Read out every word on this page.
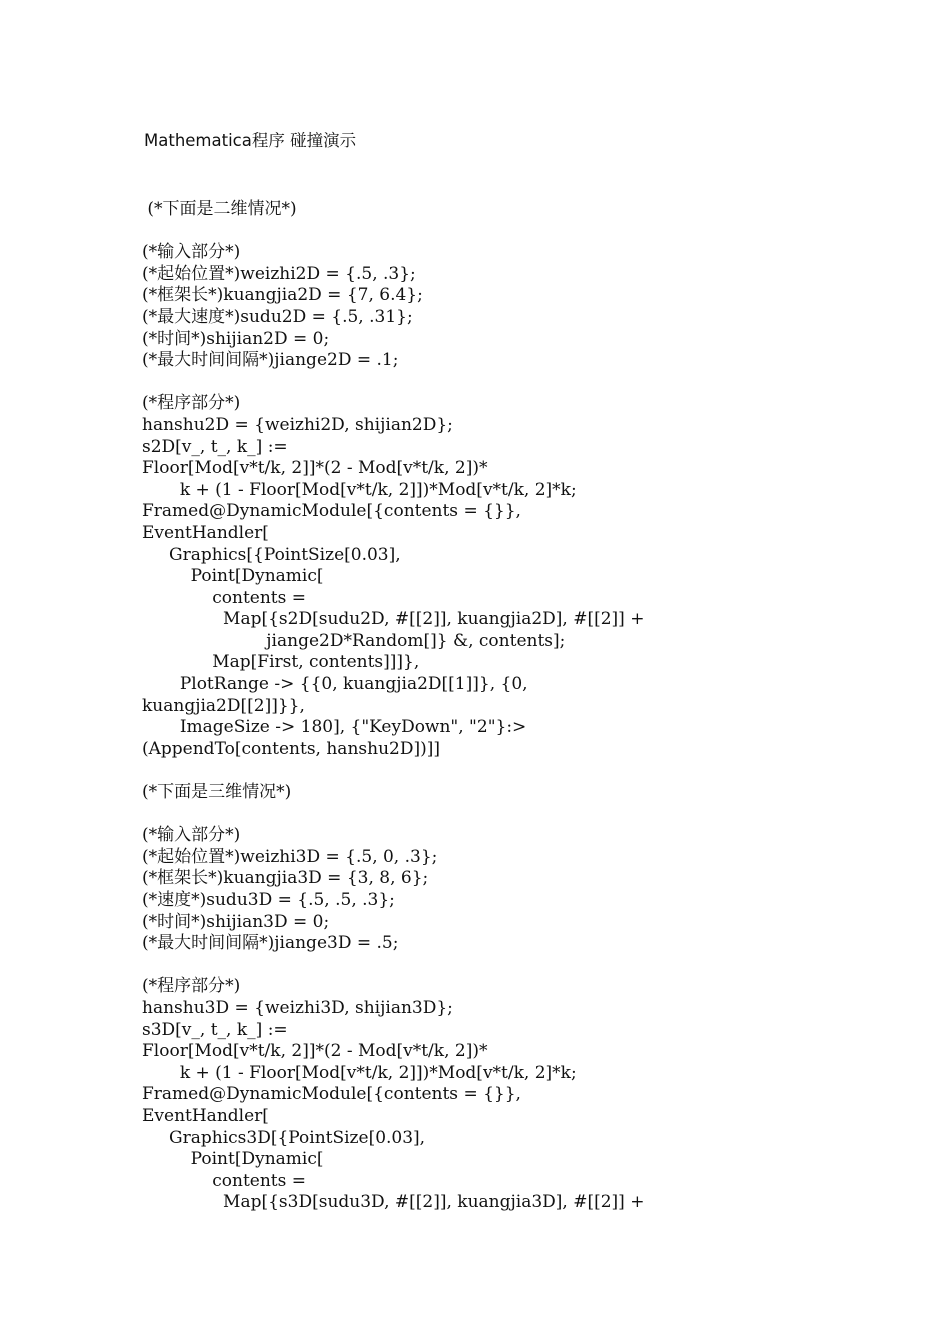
Mathematica程序 碰撞演示
(*下面是二维情况*)
(*输入部分*)
(*起始位置*)weizhi2D = {.5, .3};
(*框架长*)kuangjia2D = {7, 6.4};
(*最大速度*)sudu2D = {.5, .31};
(*时间*)shijian2D = 0;
(*最大时间间隔*)jiange2D = .1;
(*程序部分*)
hanshu2D = {weizhi2D, shijian2D};
s2D[v_, t_, k_] :=
Floor[Mod[v*t/k, 2]]*(2 - Mod[v*t/k, 2])*
k + (1 - Floor[Mod[v*t/k, 2]])*Mod[v*t/k, 2]*k;
Framed@DynamicModule[{contents = {}},
EventHandler[
Graphics[{PointSize[0.03],
Point[Dynamic[
contents =
Map[{s2D[sudu2D, #[[2]], kuangjia2D], #[[2]] +
jiange2D*Random[]} &, contents];
Map[First, contents]]]},
PlotRange -> {{0, kuangjia2D[[1]]}, {0,
kuangjia2D[[2]]}},
ImageSize -> 180], {"KeyDown", "2"}:>
(AppendTo[contents, hanshu2D])]]
(*下面是三维情况*)
(*输入部分*)
(*起始位置*)weizhi3D = {.5, 0, .3};
(*框架长*)kuangjia3D = {3, 8, 6};
(*速度*)sudu3D = {.5, .5, .3};
(*时间*)shijian3D = 0;
(*最大时间间隔*)jiange3D = .5;
(*程序部分*)
hanshu3D = {weizhi3D, shijian3D};
s3D[v_, t_, k_] :=
Floor[Mod[v*t/k, 2]]*(2 - Mod[v*t/k, 2])*
k + (1 - Floor[Mod[v*t/k, 2]])*Mod[v*t/k, 2]*k;
Framed@DynamicModule[{contents = {}},
EventHandler[
Graphics3D[{PointSize[0.03],
Point[Dynamic[
contents =
Map[{s3D[sudu3D, #[[2]], kuangjia3D], #[[2]] +
